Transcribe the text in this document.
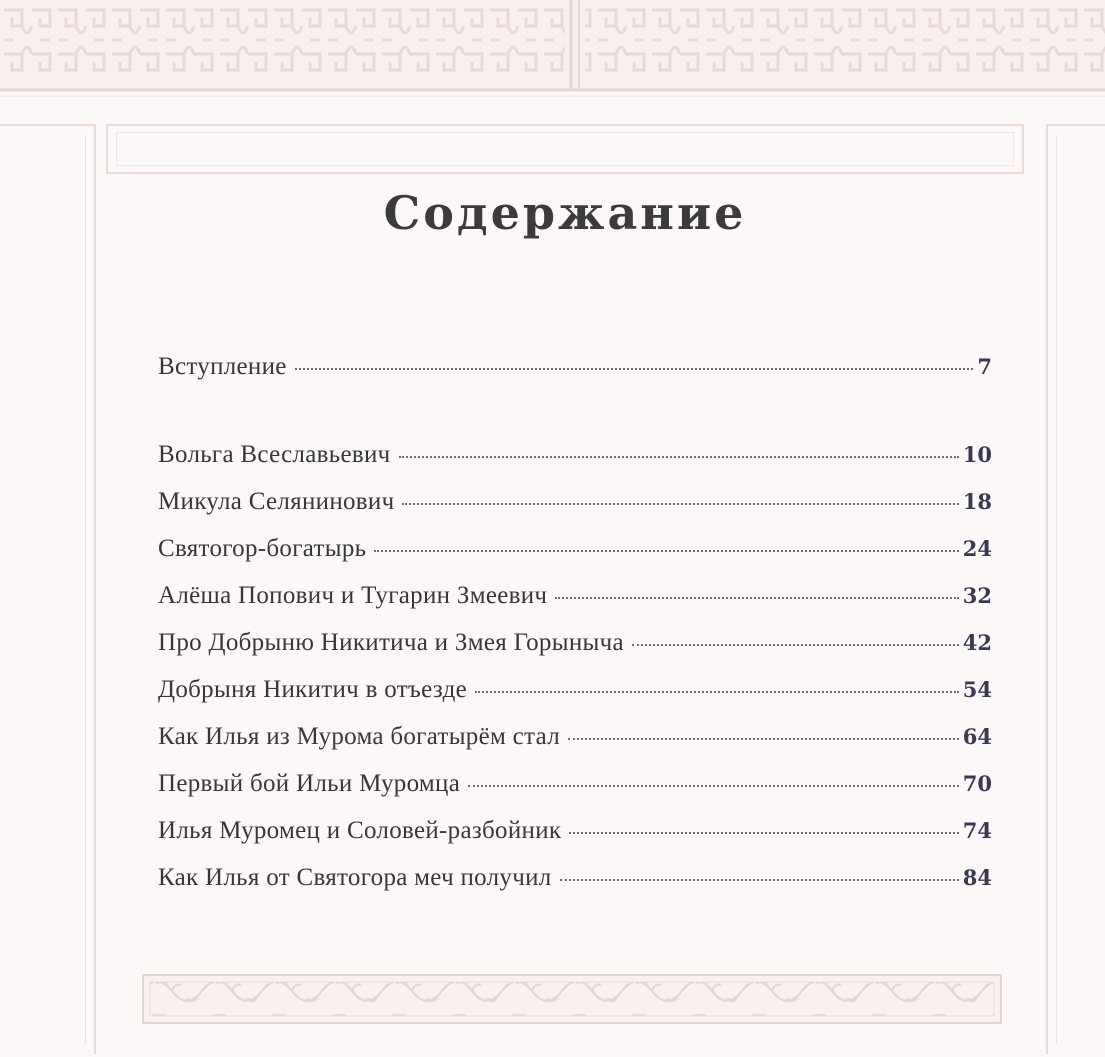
Содержание
Вступление	7
Вольга Всеславьевич	10
Микула Селянинович	18
Святогор-богатырь	24
Алёша Попович и Тугарин Змеевич	32
Про Добрыню Никитича и Змея Горыныча	42
Добрыня Никитич в отъезде	54
Как Илья из Мурома богатырём стал	64
Первый бой Ильи Муромца	70
Илья Муромец и Соловей-разбойник	74
Как Илья от Святогора меч получил	84
